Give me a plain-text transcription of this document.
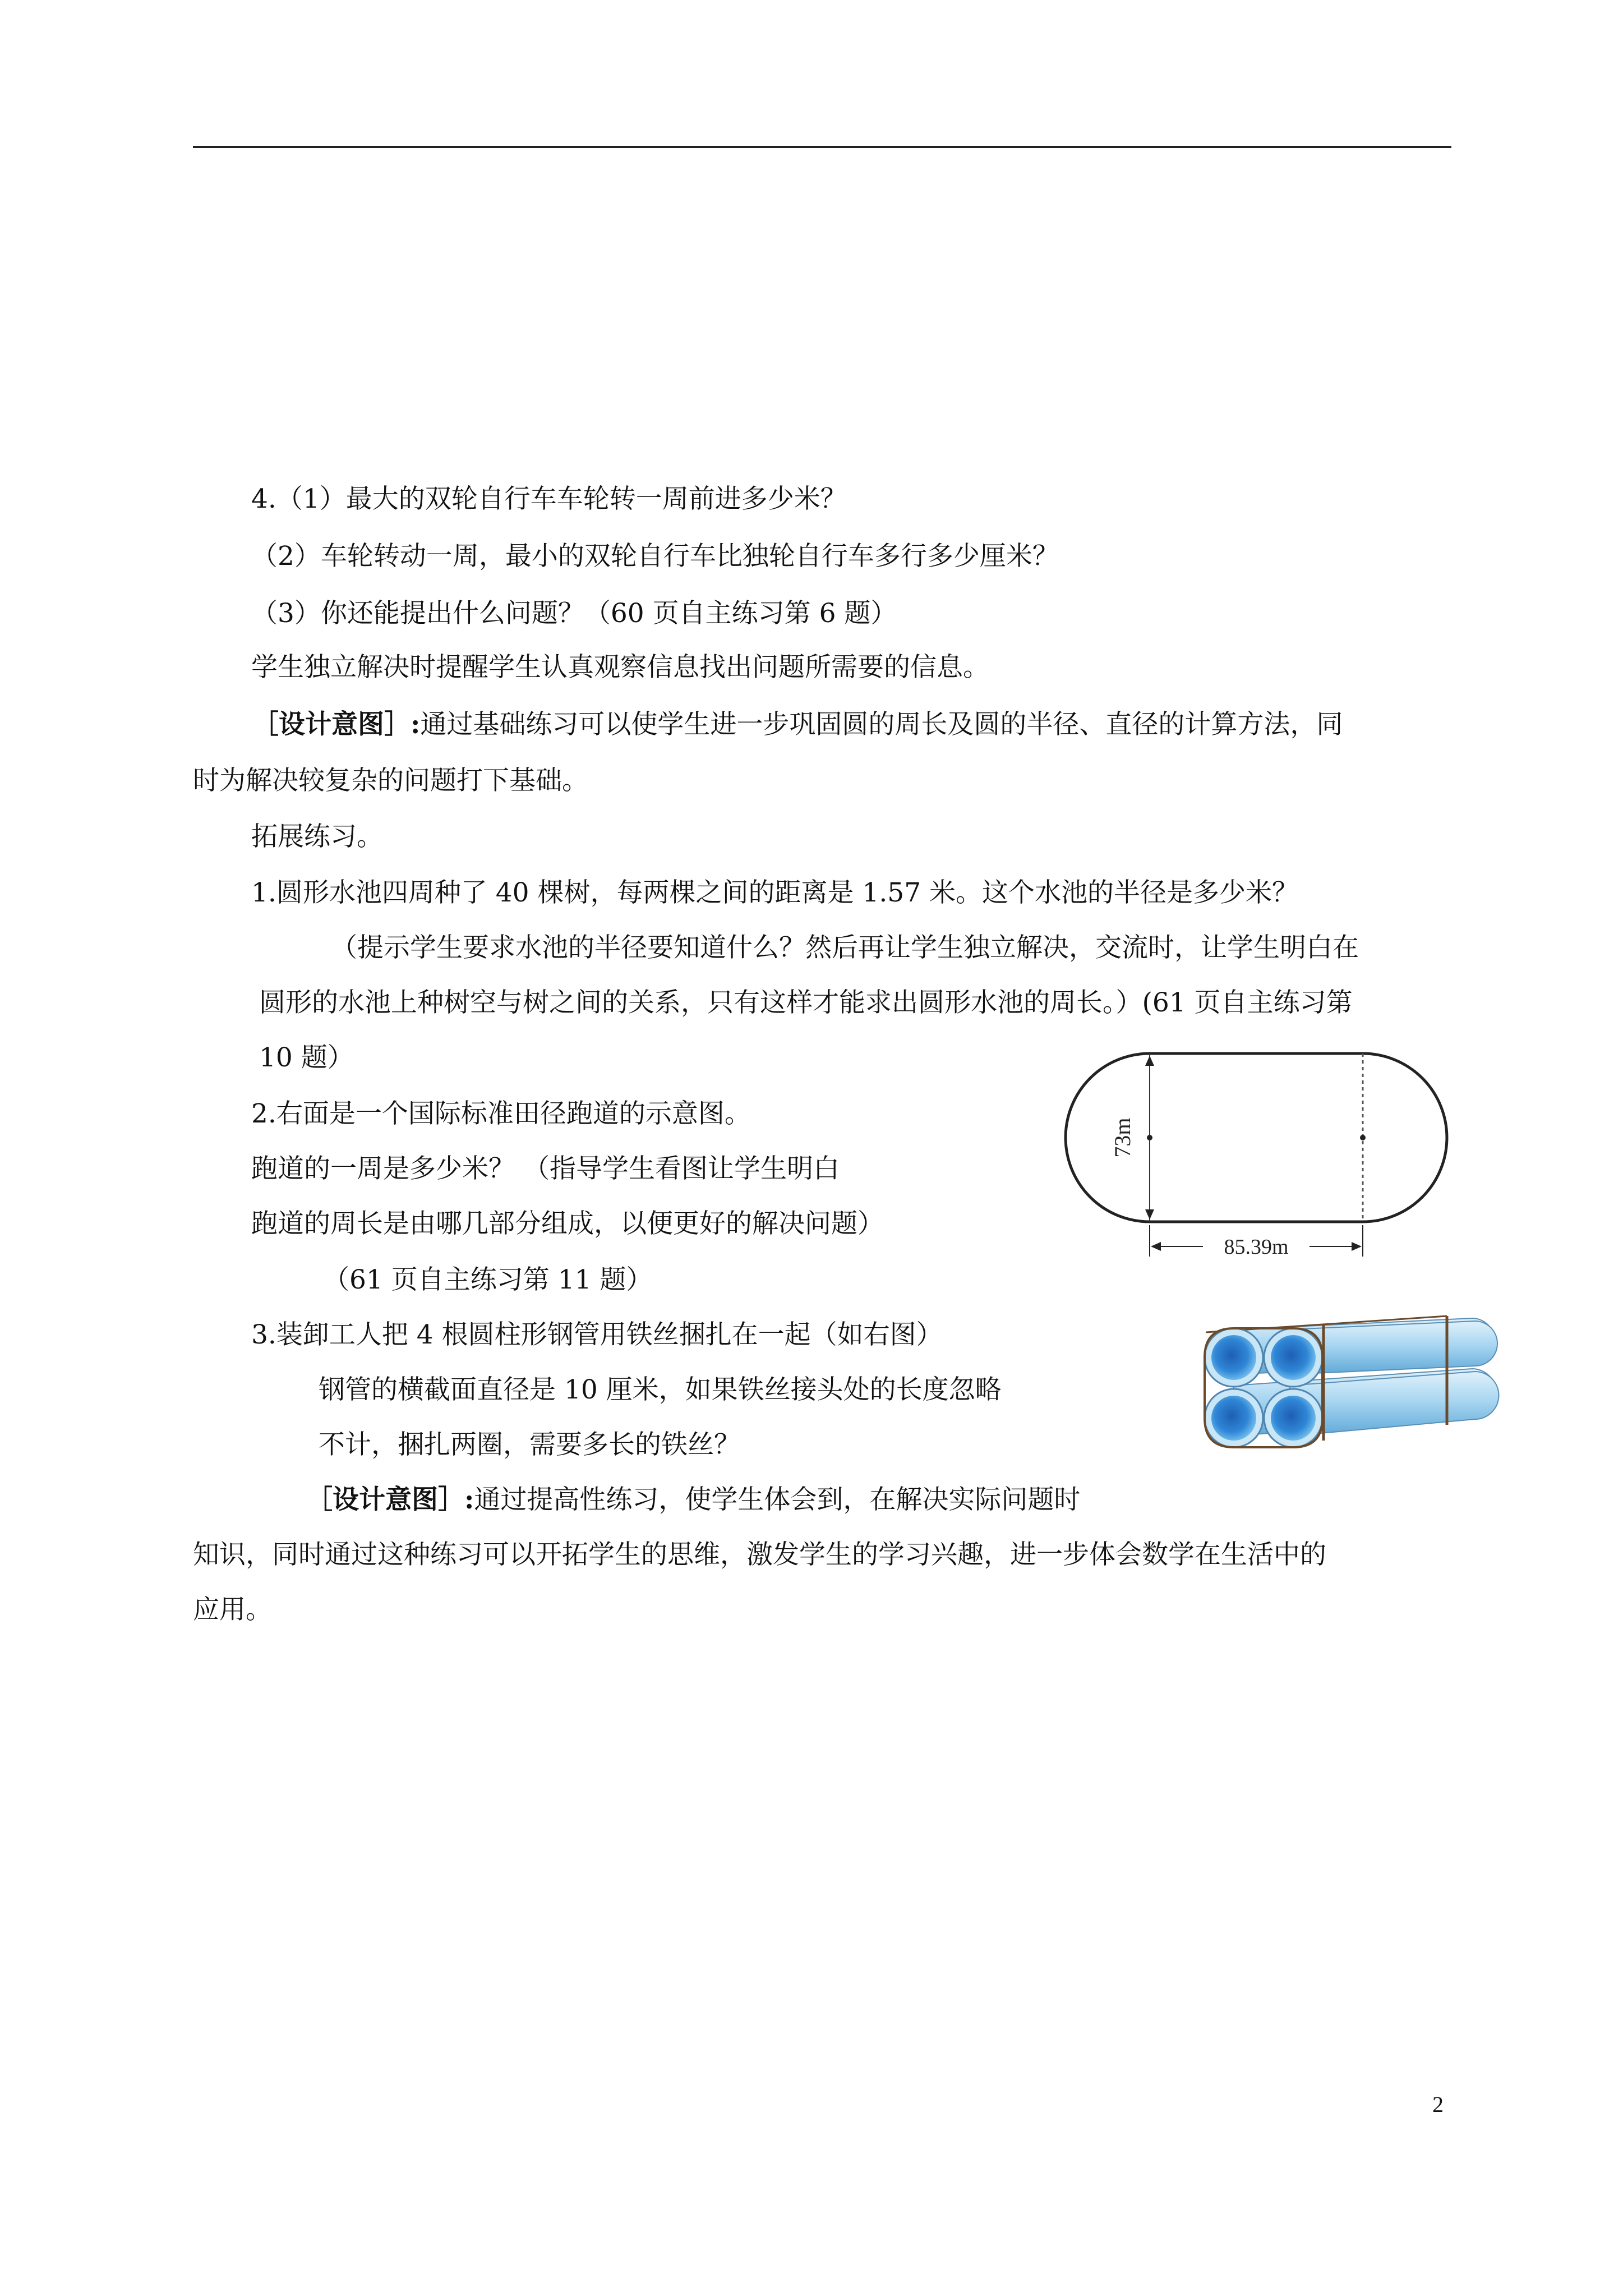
4.（1）最大的双轮自行车车轮转一周前进多少米？
（2）车轮转动一周，最小的双轮自行车比独轮自行车多行多少厘米？
（3）你还能提出什么问题？（60 页自主练习第 6 题）
学生独立解决时提醒学生认真观察信息找出问题所需要的信息。
［设计意图］:通过基础练习可以使学生进一步巩固圆的周长及圆的半径、直径的计算方法，同
时为解决较复杂的问题打下基础。
拓展练习。
1.圆形水池四周种了 40 棵树，每两棵之间的距离是 1.57 米。这个水池的半径是多少米？
（提示学生要求水池的半径要知道什么？然后再让学生独立解决，交流时，让学生明白在
圆形的水池上种树空与树之间的关系，只有这样才能求出圆形水池的周长。）(61 页自主练习第
10 题）
2.右面是一个国际标准田径跑道的示意图。
跑道的一周是多少米？ （指导学生看图让学生明白
跑道的周长是由哪几部分组成，以便更好的解决问题）
（61 页自主练习第 11 题）
3.装卸工人把 4 根圆柱形钢管用铁丝捆扎在一起（如右图）
钢管的横截面直径是 10 厘米，如果铁丝接头处的长度忽略
不计，捆扎两圈，需要多长的铁丝？
［设计意图］:通过提高性练习，使学生体会到，在解决实际问题时
知识，同时通过这种练习可以开拓学生的思维，激发学生的学习兴趣，进一步体会数学在生活中的
应用。
73m
85.39m
2
